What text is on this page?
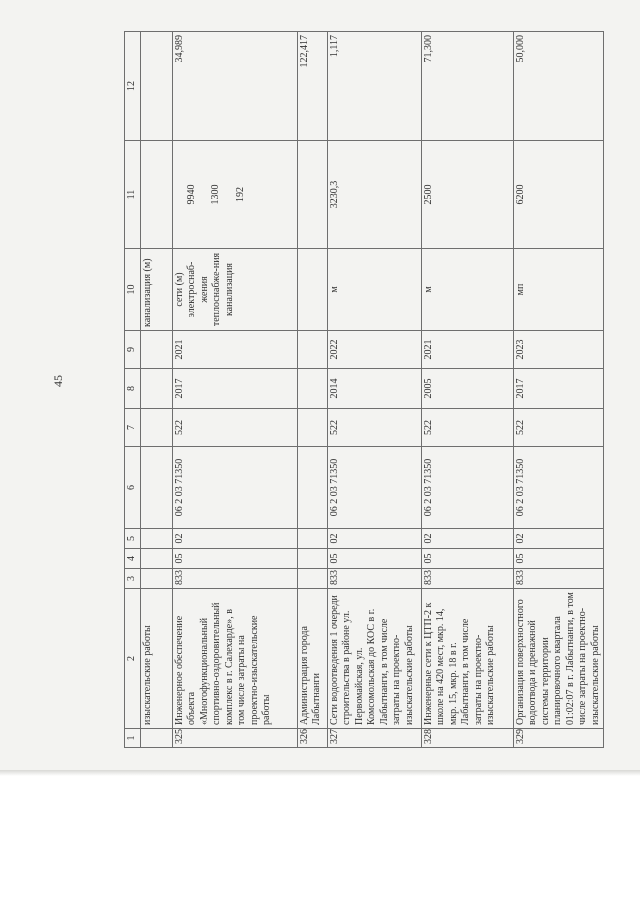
45
1	2	3	4	5	6	7	8	9	10	11	12
	изыскательские работы								канализация (м)		
325	Инженерное обеспечение объекта «Многофункциональный спортивно-оздоровительный комплекс в г. Салехарде», в том числе затраты на проектно-изыскательские работы	833	05	02	06 2 03 71350	522	2017	2021	сети (м) электроснаб-жения теплоснабже-ния канализация	9940 1300 192	34,989
326	Администрация города Лабытнанги										122,417
327	Сети водоотведения 1 очереди строительства в районе ул. Первомайская, ул. Комсомольская до КОС в г. Лабытнанги, в том числе затраты на проектно-изыскательские работы	833	05	02	06 2 03 71350	522	2014	2022	м	3230,3	1,117
328	Инженерные сети к ЦТП-2 к школе на 420 мест, мкр. 14, мкр. 15, мкр. 18 в г. Лабытнанги, в том числе затраты на проектно-изыскательские работы	833	05	02	06 2 03 71350	522	2005	2021	м	2500	71,300
329	Организация поверхностного водоотвода и дренажной системы территории планировочного квартала 01:02:07 в г. Лабытнанги, в том числе затраты на проектно-изыскательские работы	833	05	02	06 2 03 71350	522	2017	2023	мп	6200	50,000
